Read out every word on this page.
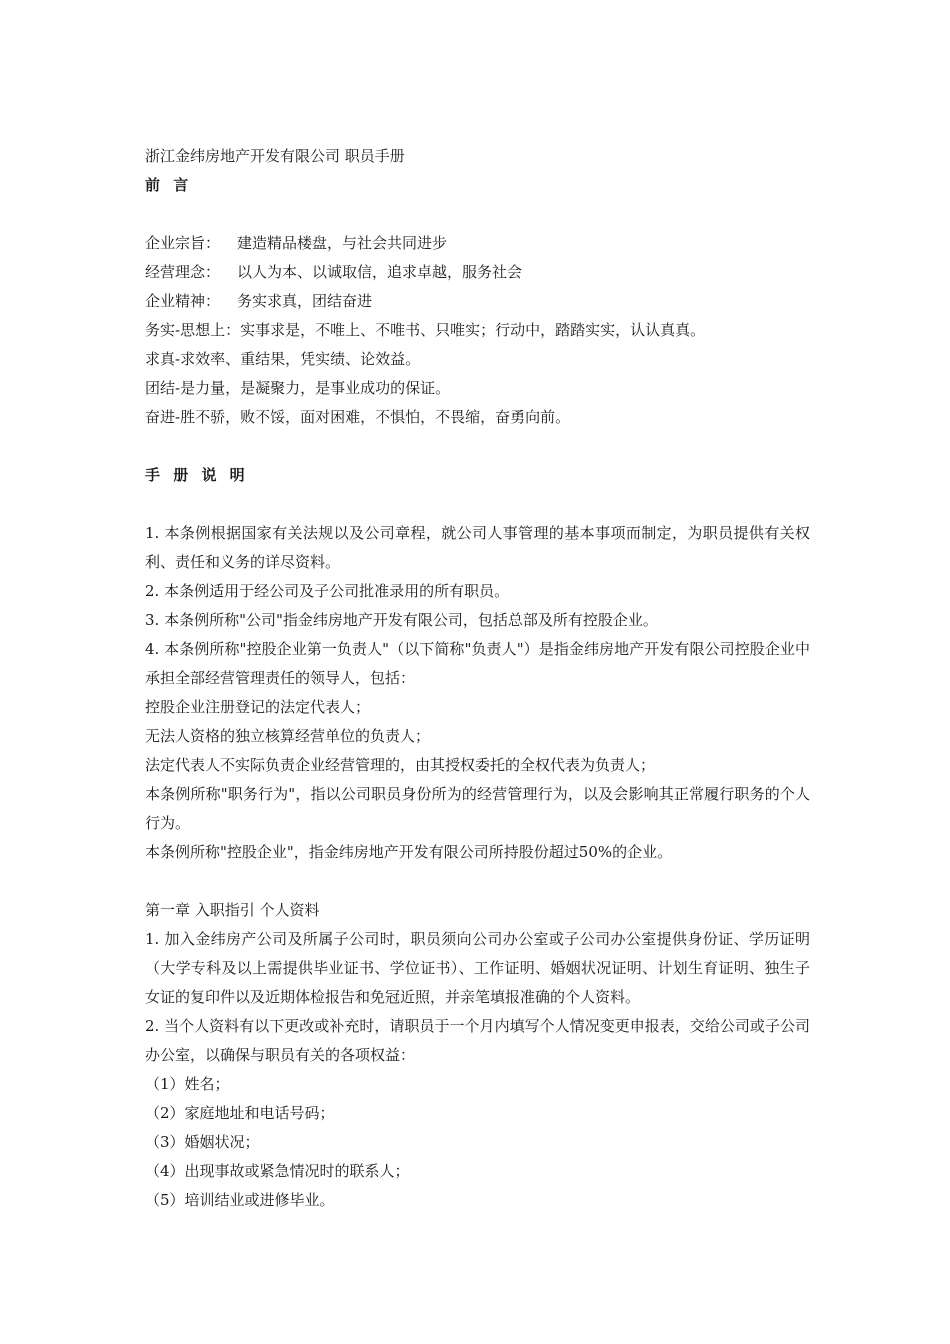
浙江金纬房地产开发有限公司 职员手册

前 言

企业宗旨： 建造精品楼盘，与社会共同进步

经营理念： 以人为本、以诚取信，追求卓越，服务社会

企业精神： 务实求真，团结奋进

务实-思想上：实事求是，不唯上、不唯书、只唯实；行动中，踏踏实实，认认真真。

求真-求效率、重结果，凭实绩、论效益。

团结-是力量，是凝聚力，是事业成功的保证。

奋进-胜不骄，败不馁，面对困难，不惧怕，不畏缩，奋勇向前。

手 册 说 明

1. 本条例根据国家有关法规以及公司章程，就公司人事管理的基本事项而制定，为职员提供有关权利、责任和义务的详尽资料。

2. 本条例适用于经公司及子公司批准录用的所有职员。

3. 本条例所称"公司"指金纬房地产开发有限公司，包括总部及所有控股企业。

4. 本条例所称"控股企业第一负责人"（以下简称"负责人"）是指金纬房地产开发有限公司控股企业中承担全部经营管理责任的领导人，包括：

控股企业注册登记的法定代表人；

无法人资格的独立核算经营单位的负责人；

法定代表人不实际负责企业经营管理的，由其授权委托的全权代表为负责人；

本条例所称"职务行为"，指以公司职员身份所为的经营管理行为，以及会影响其正常履行职务的个人行为。

本条例所称"控股企业"，指金纬房地产开发有限公司所持股份超过50%的企业。

第一章 入职指引 个人资料

1. 加入金纬房产公司及所属子公司时，职员须向公司办公室或子公司办公室提供身份证、学历证明（大学专科及以上需提供毕业证书、学位证书）、工作证明、婚姻状况证明、计划生育证明、独生子女证的复印件以及近期体检报告和免冠近照，并亲笔填报准确的个人资料。

2. 当个人资料有以下更改或补充时，请职员于一个月内填写个人情况变更申报表，交给公司或子公司办公室，以确保与职员有关的各项权益：

（1）姓名；

（2）家庭地址和电话号码；

（3）婚姻状况；

（4）出现事故或紧急情况时的联系人；

（5）培训结业或进修毕业。
